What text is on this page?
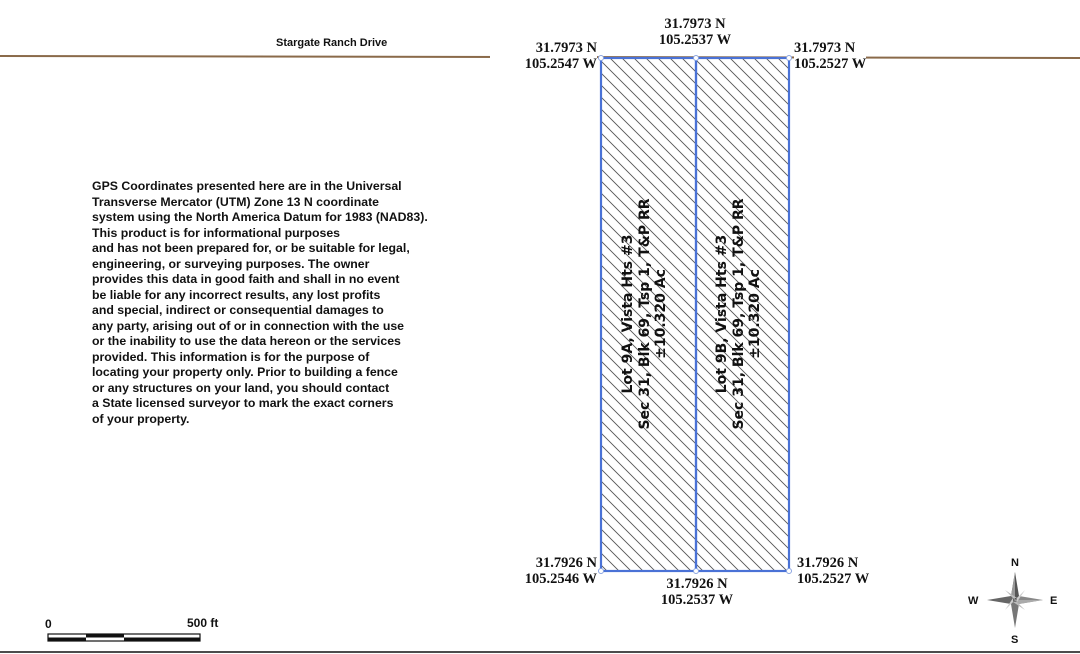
Stargate Ranch Drive
31.7973 N
105.2537 W
31.7973 N
105.2547 W
31.7973 N
105.2527 W
31.7926 N
105.2546 W	31.7926 N
105.2537 W
31.7926 N
105.2527 W
Lot 9A, Vista Hts #3 Sec 31, Blk 69, Tsp 1, T&P RR ±10.320 Ac	Lot 9B, Vista Hts #3 Sec 31, Blk 69, Tsp 1, T&P RR ±10.320 Ac
GPS Coordinates presented here are in the Universal
Transverse Mercator (UTM) Zone 13 N coordinate
system using the North America Datum for 1983 (NAD83).
This product is for informational purposes
and has not been prepared for, or be suitable for legal,
engineering, or surveying purposes. The owner
provides this data in good faith and shall in no event
be liable for any incorrect results, any lost profits
and special, indirect or consequential damages to
any party, arising out of or in connection with the use
or the inability to use the data hereon or the services
provided. This information is for the purpose of
locating your property only. Prior to building a fence
or any structures on your land, you should contact
a State licensed surveyor to mark the exact corners
of your property.
0	500 ft
N
S
W	E
